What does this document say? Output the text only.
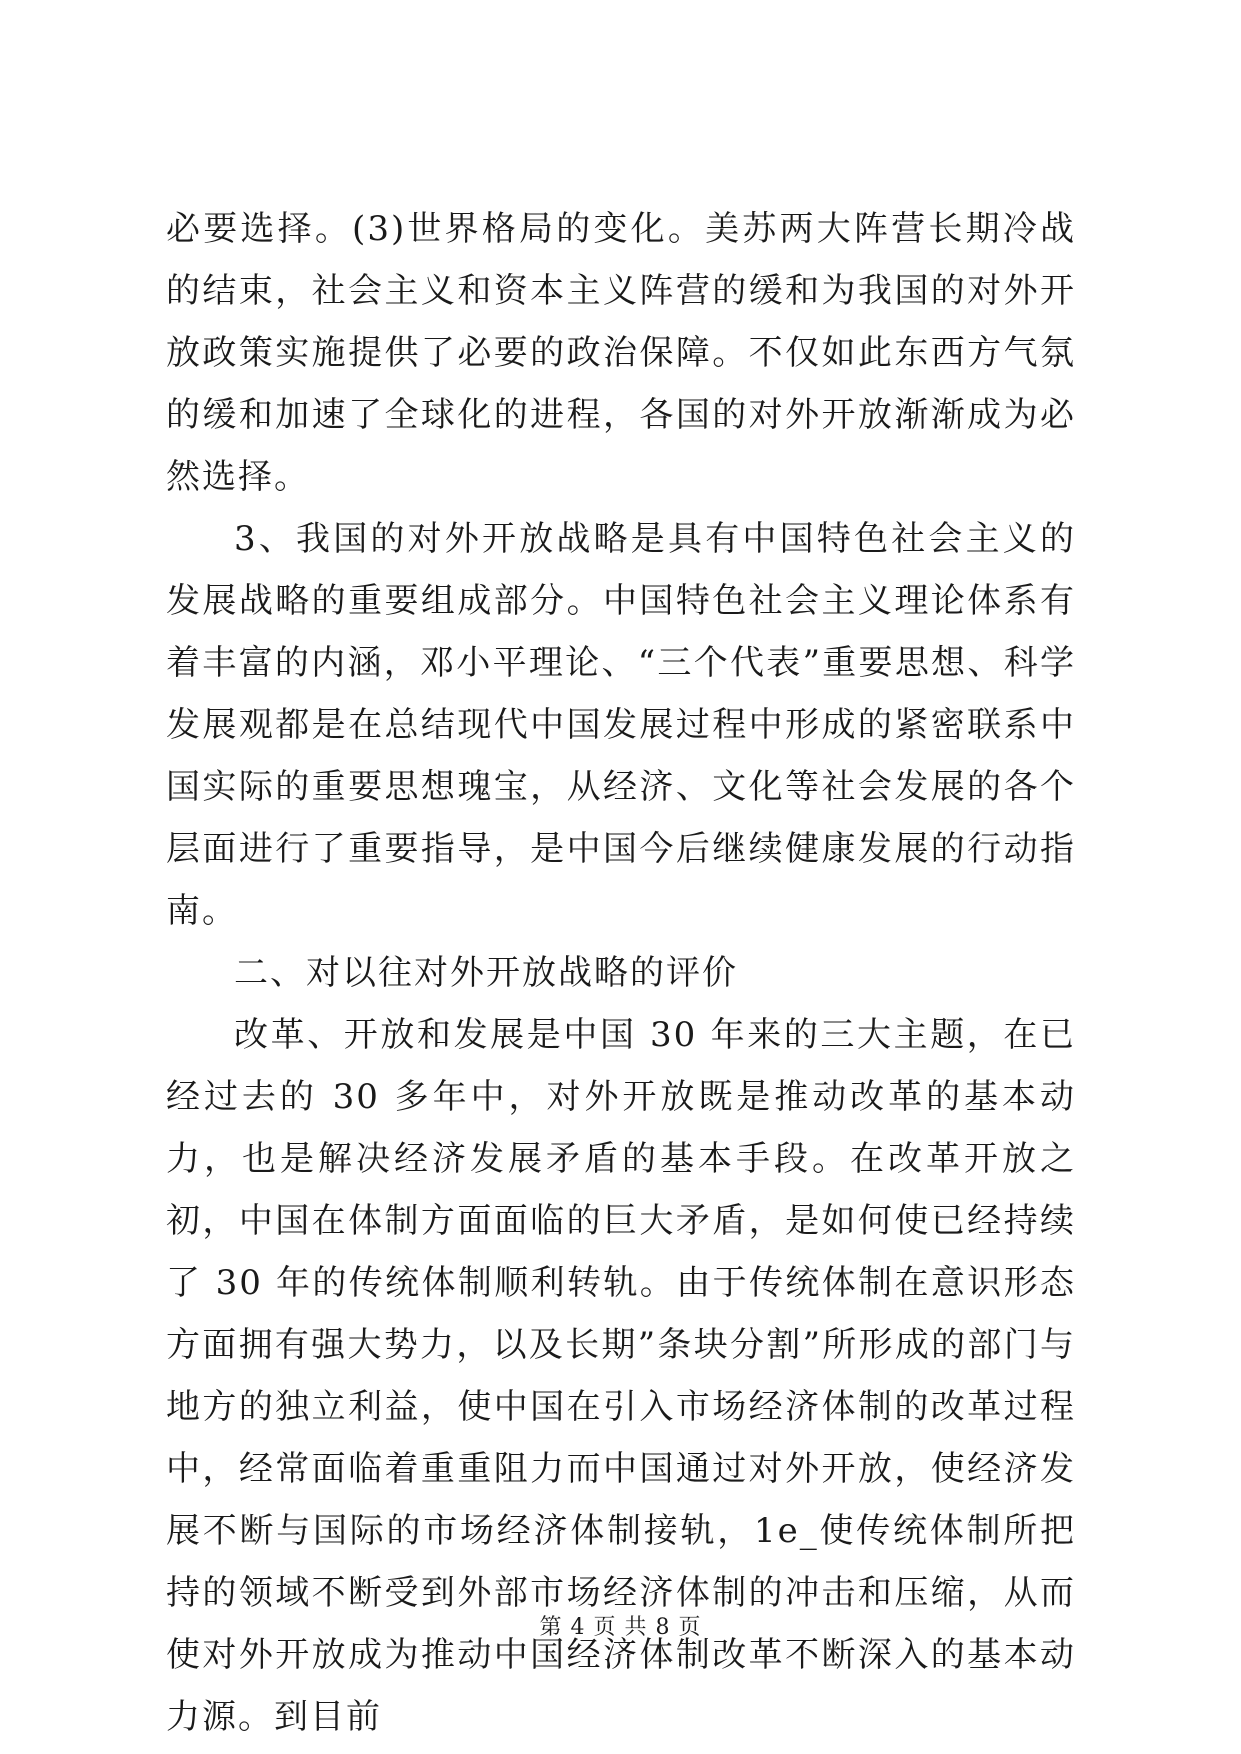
必要选择。(3)世界格局的变化。美苏两大阵营长期冷战的结束，社会主义和资本主义阵营的缓和为我国的对外开放政策实施提供了必要的政治保障。不仅如此东西方气氛的缓和加速了全球化的进程，各国的对外开放渐渐成为必然选择。

3、我国的对外开放战略是具有中国特色社会主义的发展战略的重要组成部分。中国特色社会主义理论体系有着丰富的内涵，邓小平理论、“三个代表”重要思想、科学发展观都是在总结现代中国发展过程中形成的紧密联系中国实际的重要思想瑰宝，从经济、文化等社会发展的各个层面进行了重要指导，是中国今后继续健康发展的行动指南。

二、对以往对外开放战略的评价

改革、开放和发展是中国 30 年来的三大主题，在已经过去的 30 多年中，对外开放既是推动改革的基本动力，也是解决经济发展矛盾的基本手段。在改革开放之初，中国在体制方面面临的巨大矛盾，是如何使已经持续了 30 年的传统体制顺利转轨。由于传统体制在意识形态方面拥有强大势力，以及长期”条块分割”所形成的部门与地方的独立利益，使中国在引入市场经济体制的改革过程中，经常面临着重重阻力而中国通过对外开放，使经济发展不断与国际的市场经济体制接轨，1e_使传统体制所把持的领域不断受到外部市场经济体制的冲击和压缩，从而使对外开放成为推动中国经济体制改革不断深入的基本动力源。到目前

第 4 页 共 8 页
